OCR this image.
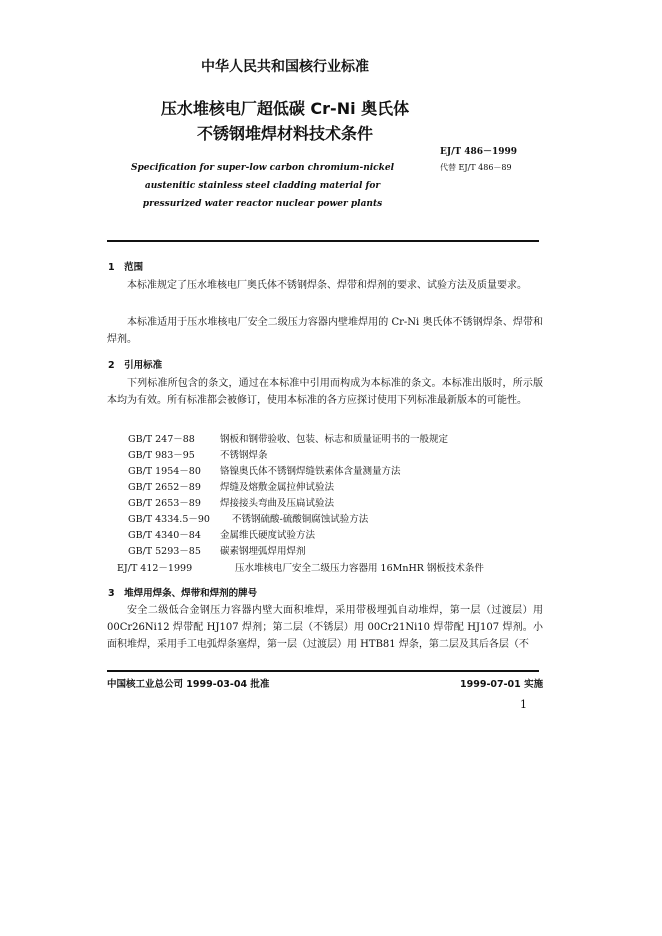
中华人民共和国核行业标准
压水堆核电厂超低碳 Cr-Ni 奥氏体
不锈钢堆焊材料技术条件
EJ/T 486－1999
代替 EJ/T 486－89
Specification for super-low carbon chromium-nickel
austenitic stainless steel cladding material for
pressurized water reactor nuclear power plants
1　范围
本标准规定了压水堆核电厂奥氏体不锈钢焊条、焊带和焊剂的要求、试验方法及质量要求。
本标准适用于压水堆核电厂安全二级压力容器内壁堆焊用的 Cr-Ni 奥氏体不锈钢焊条、焊带和焊剂。
2　引用标准
下列标准所包含的条文，通过在本标准中引用而构成为本标准的条文。本标准出版时，所示版本均为有效。所有标准都会被修订，使用本标准的各方应探讨使用下列标准最新版本的可能性。
GB/T 247－88	钢板和钢带验收、包装、标志和质量证明书的一般规定
GB/T 983－95	不锈钢焊条
GB/T 1954－80 铬镍奥氏体不锈钢焊缝铁素体含量测量方法
GB/T 2652－89 焊缝及熔敷金属拉伸试验法
GB/T 2653－89 焊接接头弯曲及压扁试验法
GB/T 4334.5－90 不锈钢硫酸-硫酸铜腐蚀试验方法
GB/T 4340－84 金属维氏硬度试验方法
GB/T 5293－85 碳素钢埋弧焊用焊剂
EJ/T 412－1999	压水堆核电厂安全二级压力容器用 16MnHR 钢板技术条件
3　堆焊用焊条、焊带和焊剂的牌号
安全二级低合金钢压力容器内壁大面积堆焊，采用带极埋弧自动堆焊，第一层（过渡层）用 00Cr26Ni12 焊带配 HJ107 焊剂；第二层（不锈层）用 00Cr21Ni10 焊带配 HJ107 焊剂。小面积堆焊，采用手工电弧焊条塞焊，第一层（过渡层）用 HTB81 焊条，第二层及其后各层（不
中国核工业总公司 1999-03-04 批准	1999-07-01 实施
1
